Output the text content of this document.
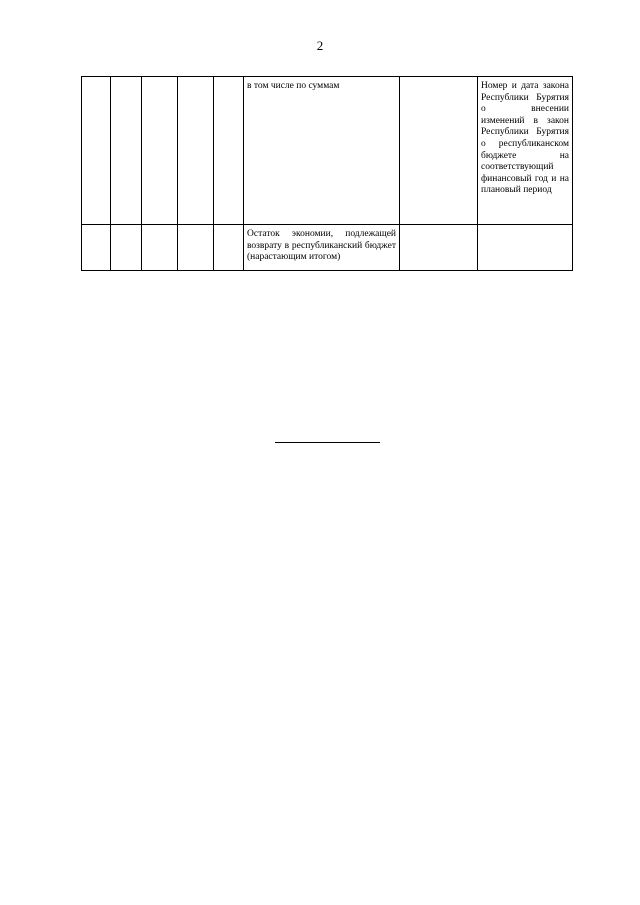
2
					в том числе по суммам		Номер и дата закона Республики Бурятия о внесении изменений в закон Республики Бурятия о республиканском бюджете на соответствующий финансовый год и на плановый период
					Остаток экономии, подлежащей возврату в республиканский бюджет (нарастающим итогом)		
